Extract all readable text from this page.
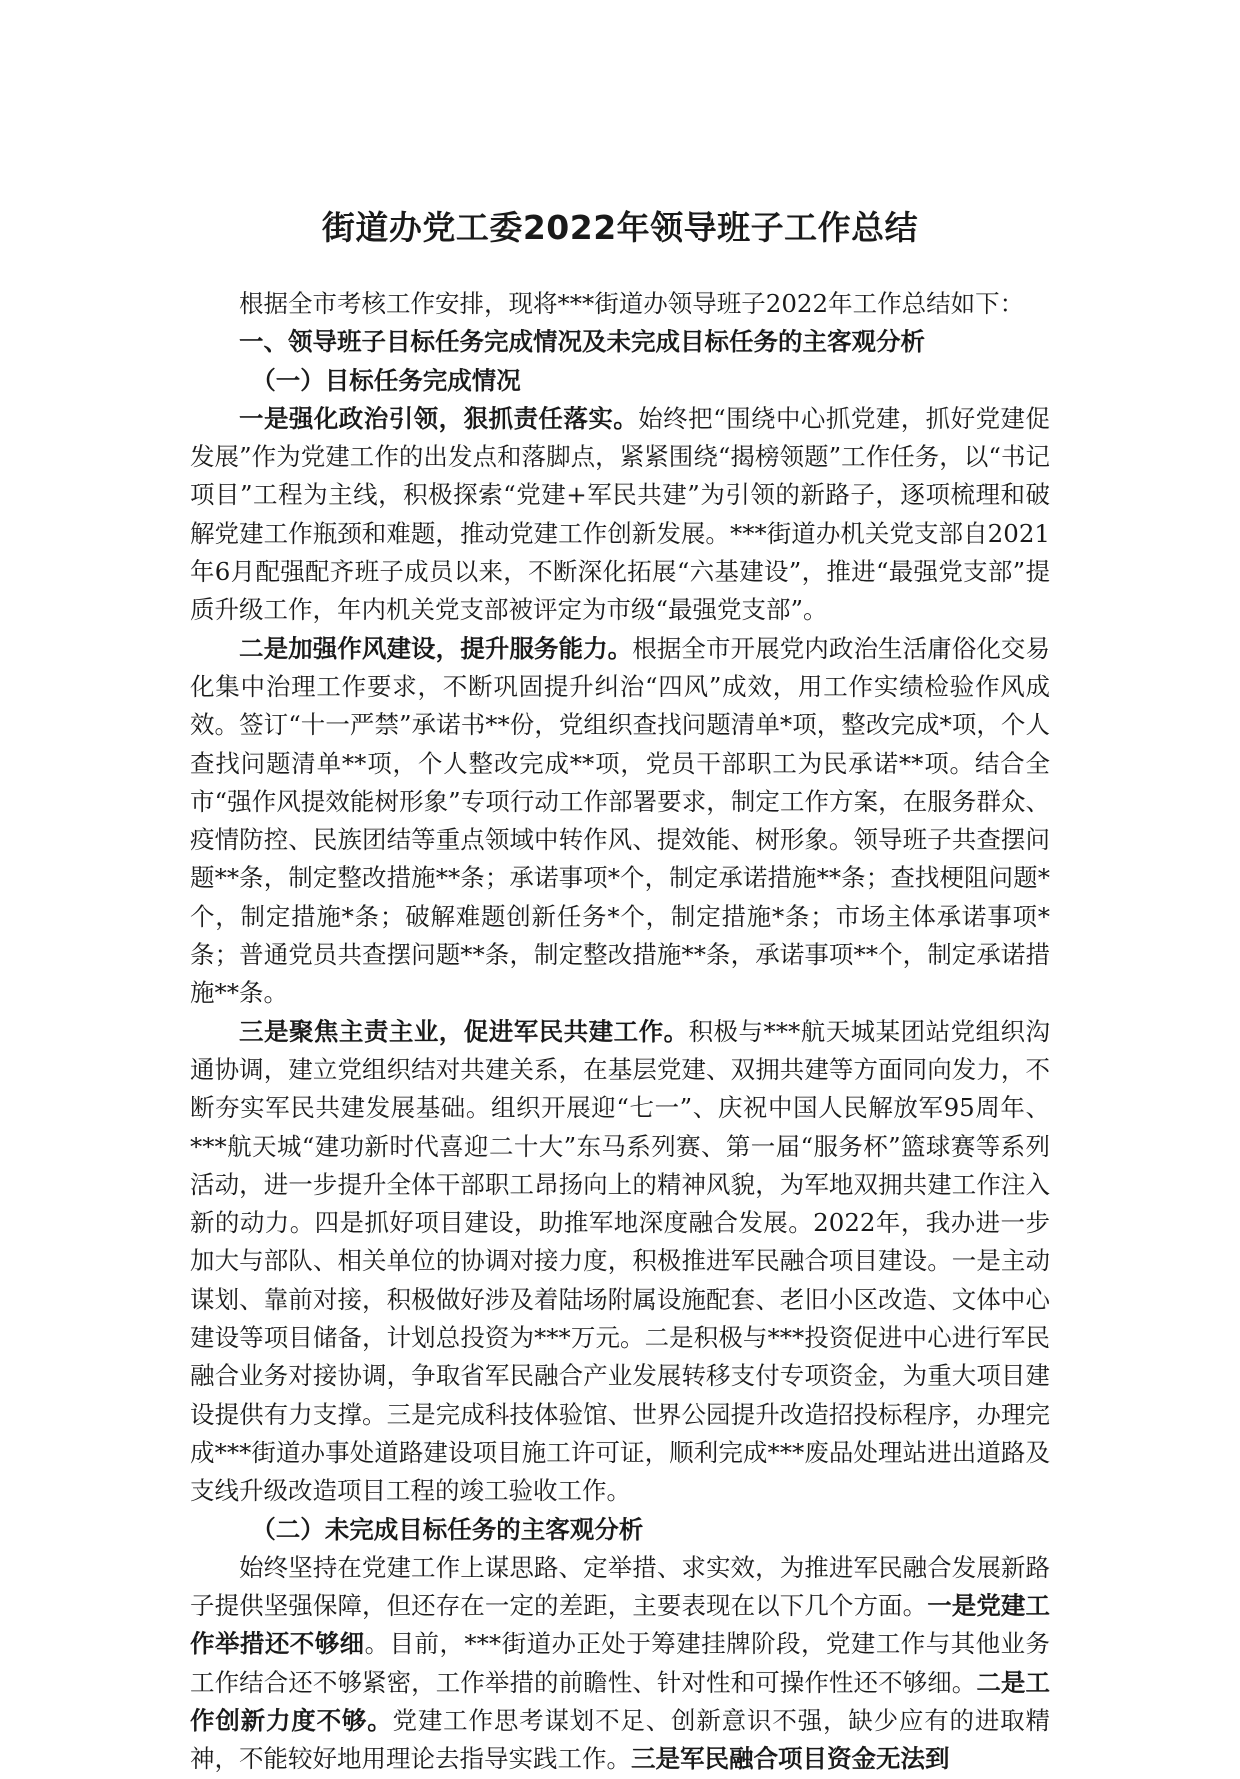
街道办党工委2022年领导班子工作总结

根据全市考核工作安排，现将***街道办领导班子2022年工作总结如下：

一、领导班子目标任务完成情况及未完成目标任务的主客观分析

（一）目标任务完成情况

一是强化政治引领，狠抓责任落实。始终把“围绕中心抓党建，抓好党建促发展”作为党建工作的出发点和落脚点，紧紧围绕“揭榜领题”工作任务，以“书记项目”工程为主线，积极探索“党建+军民共建”为引领的新路子，逐项梳理和破解党建工作瓶颈和难题，推动党建工作创新发展。***街道办机关党支部自2021年6月配强配齐班子成员以来，不断深化拓展“六基建设”，推进“最强党支部”提质升级工作，年内机关党支部被评定为市级“最强党支部”。

二是加强作风建设，提升服务能力。根据全市开展党内政治生活庸俗化交易化集中治理工作要求，不断巩固提升纠治“四风”成效，用工作实绩检验作风成效。签订“十一严禁”承诺书**份，党组织查找问题清单*项，整改完成*项，个人查找问题清单**项，个人整改完成**项，党员干部职工为民承诺**项。结合全市“强作风提效能树形象”专项行动工作部署要求，制定工作方案，在服务群众、疫情防控、民族团结等重点领域中转作风、提效能、树形象。领导班子共查摆问题**条，制定整改措施**条；承诺事项*个，制定承诺措施**条；查找梗阻问题*个，制定措施*条；破解难题创新任务*个，制定措施*条；市场主体承诺事项*条；普通党员共查摆问题**条，制定整改措施**条，承诺事项**个，制定承诺措施**条。

三是聚焦主责主业，促进军民共建工作。积极与***航天城某团站党组织沟通协调，建立党组织结对共建关系，在基层党建、双拥共建等方面同向发力，不断夯实军民共建发展基础。组织开展迎“七一”、庆祝中国人民解放军95周年、***航天城“建功新时代喜迎二十大”东马系列赛、第一届“服务杯”篮球赛等系列活动，进一步提升全体干部职工昂扬向上的精神风貌，为军地双拥共建工作注入新的动力。四是抓好项目建设，助推军地深度融合发展。2022年，我办进一步加大与部队、相关单位的协调对接力度，积极推进军民融合项目建设。一是主动谋划、靠前对接，积极做好涉及着陆场附属设施配套、老旧小区改造、文体中心建设等项目储备，计划总投资为***万元。二是积极与***投资促进中心进行军民融合业务对接协调，争取省军民融合产业发展转移支付专项资金，为重大项目建设提供有力支撑。三是完成科技体验馆、世界公园提升改造招投标程序，办理完成***街道办事处道路建设项目施工许可证，顺利完成***废品处理站进出道路及支线升级改造项目工程的竣工验收工作。

（二）未完成目标任务的主客观分析

始终坚持在党建工作上谋思路、定举措、求实效，为推进军民融合发展新路子提供坚强保障，但还存在一定的差距，主要表现在以下几个方面。一是党建工作举措还不够细。目前，***街道办正处于筹建挂牌阶段，党建工作与其他业务工作结合还不够紧密，工作举措的前瞻性、针对性和可操作性还不够细。二是工作创新力度不够。党建工作思考谋划不足、创新意识不强，缺少应有的进取精神，不能较好地用理论去指导实践工作。三是军民融合项目资金无法到
